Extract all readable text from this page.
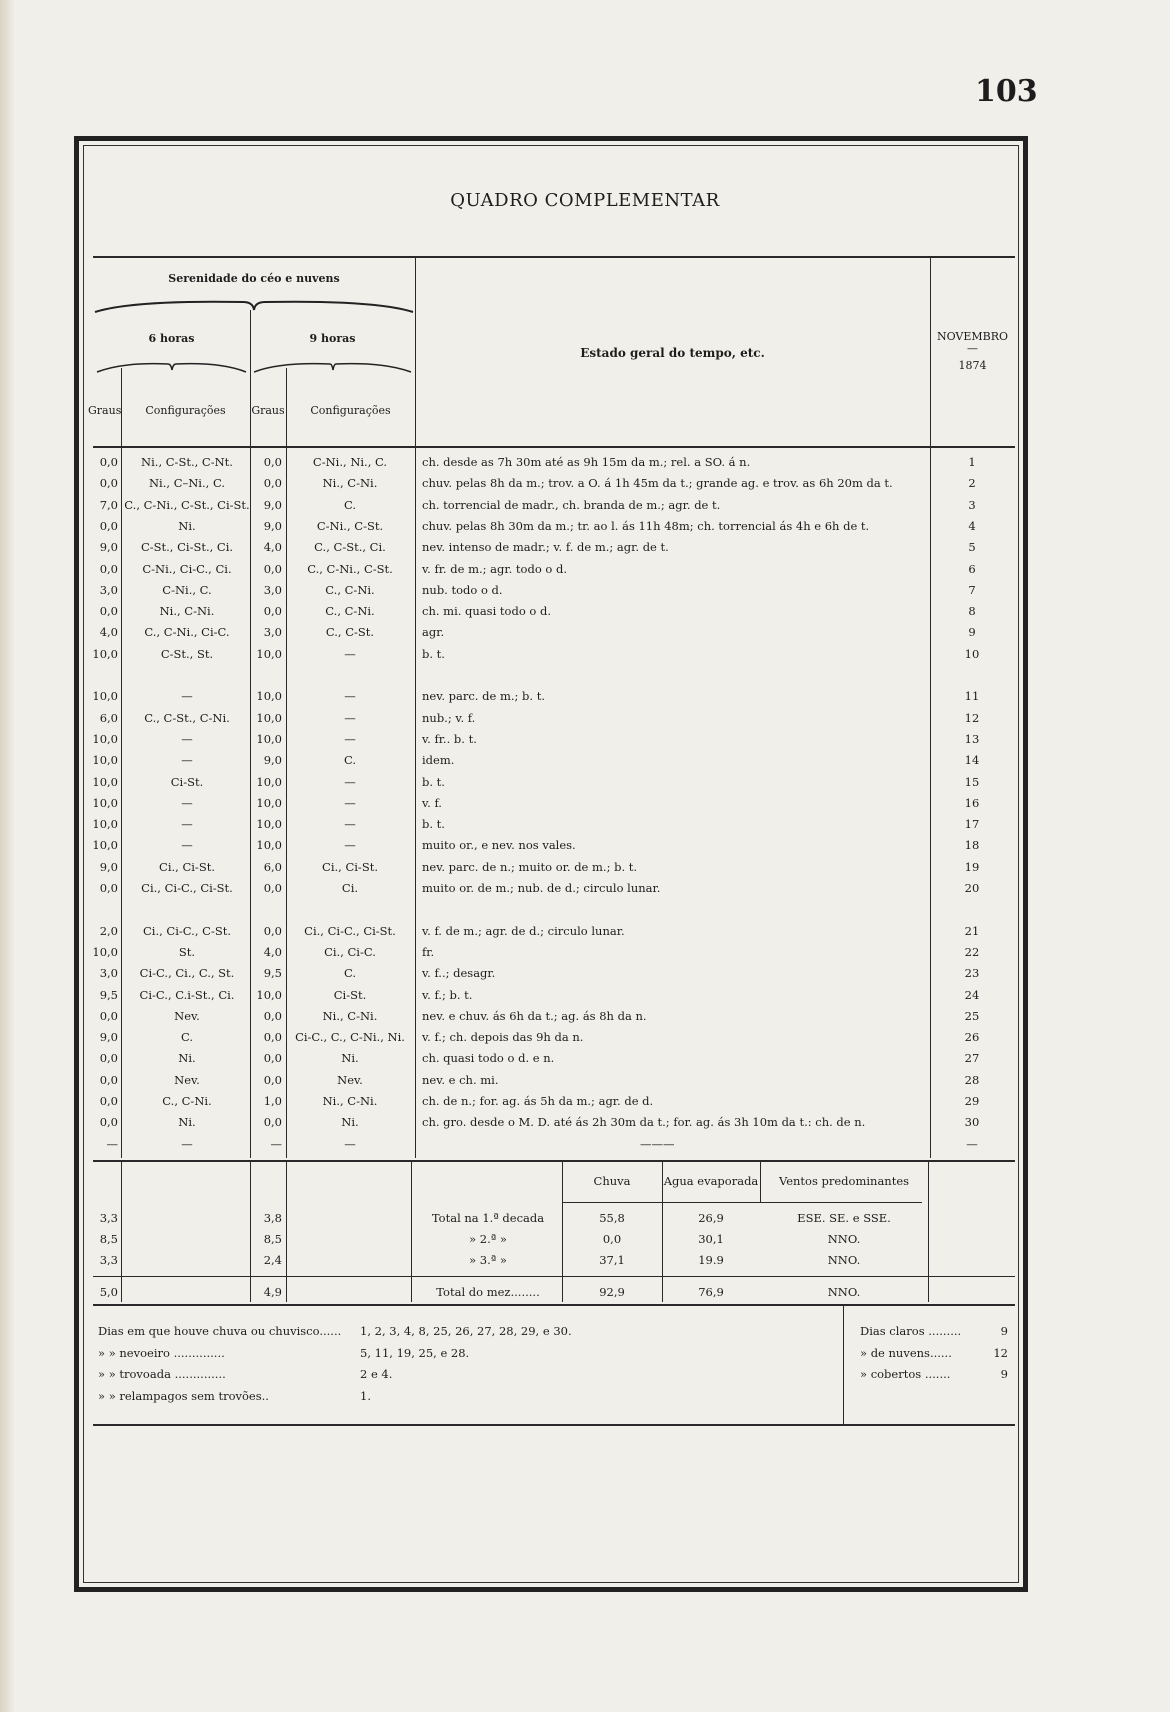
103
QUADRO COMPLEMENTAR
Serenidade do céo e nuvens
6 horas	9 horas
Graus	Configurações	Graus	Configurações
Estado geral do tempo, etc.
NOVEMBRO
—
1874
0,0	Ni., C-St., C-Nt.	0,0	C-Ni., Ni., C.	ch. desde as 7h 30m até as 9h 15m da m.; rel. a SO. á n.	1
0,0	Ni., C–Ni., C.	0,0	Ni., C-Ni.	chuv. pelas 8h da m.; trov. a O. á 1h 45m da t.; grande ag. e trov. as 6h 20m da t.	2
7,0 C., C-Ni., C-St., Ci-St.	9,0	C.	ch. torrencial de madr., ch. branda de m.; agr. de t.	3
0,0	Ni.	9,0	C-Ni., C-St.	chuv. pelas 8h 30m da m.; tr. ao l. ás 11h 48m; ch. torrencial ás 4h e 6h de t.	4
9,0	C-St., Ci-St., Ci.	4,0	C., C-St., Ci.	nev. intenso de madr.; v. f. de m.; agr. de t.	5
0,0	C-Ni., Ci-C., Ci.	0,0	C., C-Ni., C-St.	v. fr. de m.; agr. todo o d.	6
3,0	C-Ni., C.	3,0	C., C-Ni.	nub. todo o d.	7
0,0	Ni., C-Ni.	0,0	C., C-Ni.	ch. mi. quasi todo o d.	8
4,0	C., C-Ni., Ci-C.	3,0	C., C-St.	agr.	9
10,0	C-St., St.	10,0	—	b. t.	10
10,0	—	10,0	—	nev. parc. de m.; b. t.	11
6,0	C., C-St., C-Ni.	10,0	—	nub.; v. f.	12
10,0	—	10,0	—	v. fr.. b. t.	13
10,0	—	9,0	C.	idem.	14
10,0	Ci-St.	10,0	—	b. t.	15
10,0	—	10,0	—	v. f.	16
10,0	—	10,0	—	b. t.	17
10,0	—	10,0	—	muito or., e nev. nos vales.	18
9,0	Ci., Ci-St.	6,0	Ci., Ci-St.	nev. parc. de n.; muito or. de m.; b. t.	19
0,0	Ci., Ci-C., Ci-St.	0,0	Ci.	muito or. de m.; nub. de d.; circulo lunar.	20
2,0	Ci., Ci-C., C-St.	0,0	Ci., Ci-C., Ci-St.	v. f. de m.; agr. de d.; circulo lunar.	21
10,0	St.	4,0	Ci., Ci-C.	fr.	22
3,0	Ci-C., Ci., C., St.	9,5	C.	v. f..; desagr.	23
9,5	Ci-C., C.i-St., Ci.	10,0	Ci-St.	v. f.; b. t.	24
0,0	Nev.	0,0	Ni., C-Ni.	nev. e chuv. ás 6h da t.; ag. ás 8h da n.	25
9,0	C.	0,0	Ci-C., C., C-Ni., Ni.	v. f.; ch. depois das 9h da n.	26
0,0	Ni.	0,0	Ni.	ch. quasi todo o d. e n.	27
0,0	Nev.	0,0	Nev.	nev. e ch. mi.	28
0,0	C., C-Ni.	1,0	Ni., C-Ni.	ch. de n.; for. ag. ás 5h da m.; agr. de d.	29
0,0	Ni.	0,0	Ni.	ch. gro. desde o M. D. até ás 2h 30m da t.; for. ag. ás 3h 10m da t.: ch. de n.	30
—	—	—	—	———	—
Chuva	Agua evaporada	Ventos predominantes
3,3	3,8	Total na 1.ª decada	55,8	26,9	ESE. SE. e SSE.
8,5	8,5	» 2.ª »	0,0	30,1	NNO.
3,3	2,4	» 3.ª »	37,1	19.9	NNO.
5,0	4,9	Total do mez........	92,9	76,9	NNO.
Dias em que houve chuva ou chuvisco...... 1, 2, 3, 4, 8, 25, 26, 27, 28, 29, e 30.
» » nevoeiro ..............	5, 11, 19, 25, e 28.
» » trovoada ..............	2 e 4.
» » relampagos sem trovões..	1.
Dias claros .........	9
» de nuvens......	12
» cobertos .......	9
